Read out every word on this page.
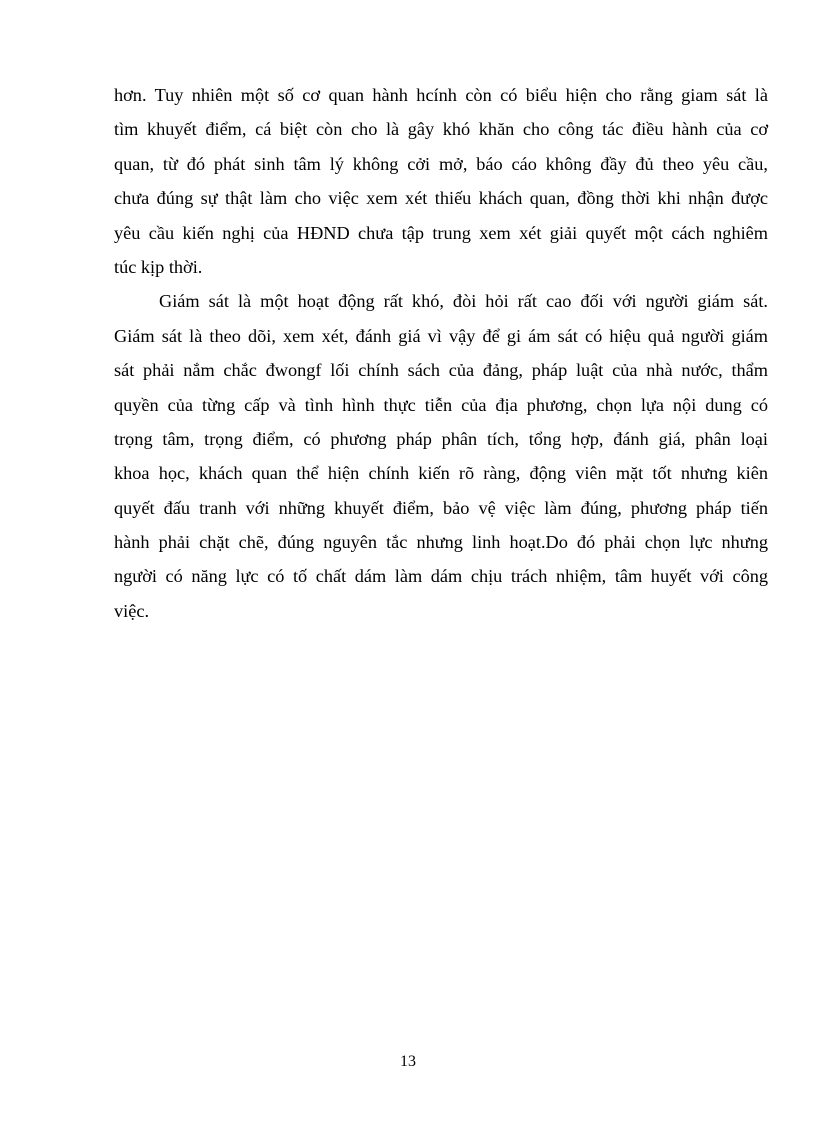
hơn. Tuy nhiên một số cơ quan hành hcính còn có biểu hiện cho rằng giam sát là
tìm khuyết điểm, cá biệt còn cho là gây khó khăn cho công tác điều hành của cơ
quan, từ đó phát sinh tâm lý không cởi mở, báo cáo không đầy đủ theo yêu cầu,
chưa đúng sự thật làm cho việc xem xét thiếu khách quan, đồng thời khi nhận được
yêu cầu kiến nghị của HĐND chưa tập trung xem xét giải quyết một cách nghiêm
túc kịp thời.
Giám sát là một hoạt động rất khó, đòi hỏi rất cao đối với người giám sát.
Giám sát là theo dõi, xem xét, đánh giá vì vậy để gi ám sát có hiệu quả người giám
sát phải nắm chắc đwongf lối chính sách của đảng, pháp luật của nhà nước, thẩm
quyền của từng cấp và tình hình thực tiễn của địa phương, chọn lựa nội dung có
trọng tâm, trọng điểm, có phương pháp phân tích, tổng hợp, đánh giá, phân loại
khoa học, khách quan thể hiện chính kiến rõ ràng, động viên mặt tốt nhưng kiên
quyết đấu tranh với những khuyết điểm, bảo vệ việc làm đúng, phương pháp tiến
hành phải chặt chẽ, đúng nguyên tắc nhưng linh hoạt.Do đó phải chọn lực nhưng
người có năng lực có tố chất dám làm dám chịu trách nhiệm, tâm huyết với công
việc.
13
